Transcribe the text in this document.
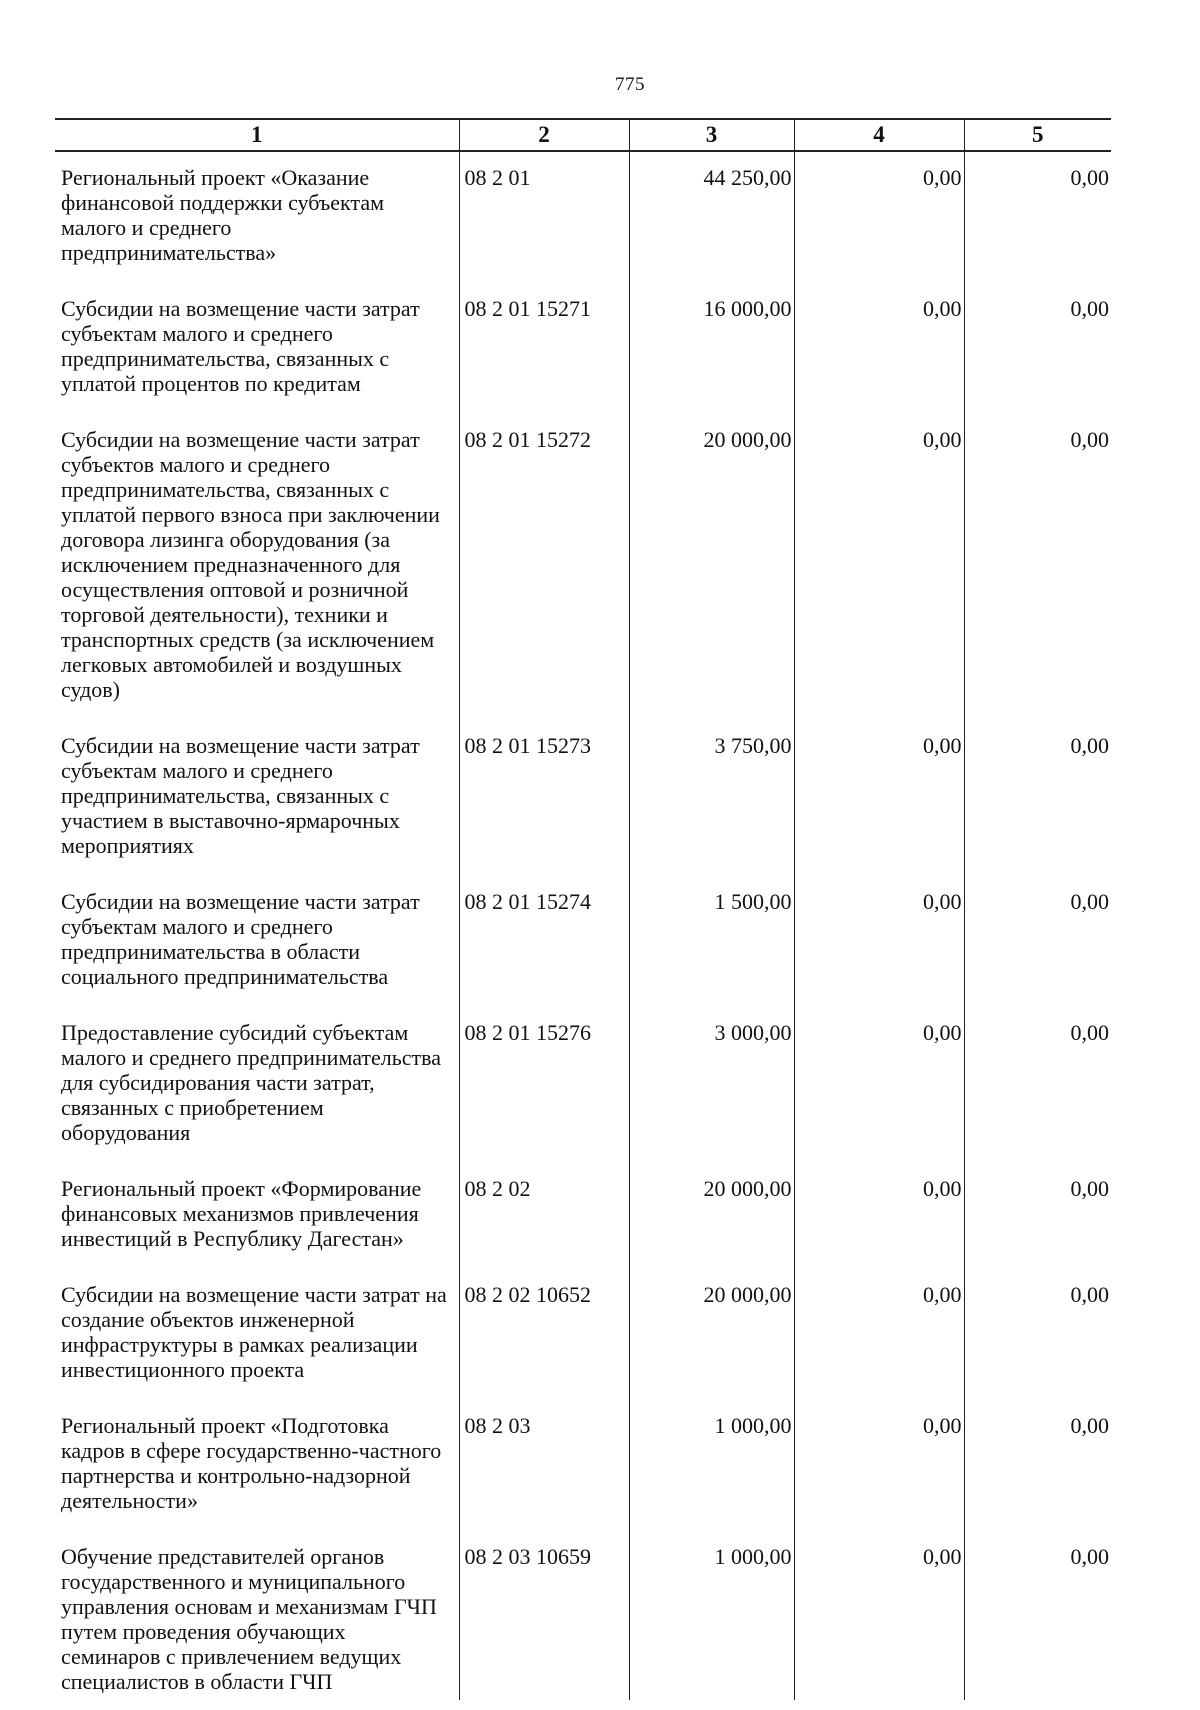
775
1	2	3	4	5
Региональный проект «Оказание финансовой поддержки субъектам малого и среднего предпринимательства»	08 2 01	44 250,00	0,00	0,00
Субсидии на возмещение части затрат субъектам малого и среднего предпринимательства, связанных с уплатой процентов по кредитам	08 2 01 15271	16 000,00	0,00	0,00
Субсидии на возмещение части затрат субъектов малого и среднего предпринимательства, связанных с уплатой первого взноса при заключении договора лизинга оборудования (за исключением предназначенного для осуществления оптовой и розничной торговой деятельности), техники и транспортных средств (за исключением легковых автомобилей и воздушных судов)	08 2 01 15272	20 000,00	0,00	0,00
Субсидии на возмещение части затрат субъектам малого и среднего предпринимательства, связанных с участием в выставочно-ярмарочных мероприятиях	08 2 01 15273	3 750,00	0,00	0,00
Субсидии на возмещение части затрат субъектам малого и среднего предпринимательства в области социального предпринимательства	08 2 01 15274	1 500,00	0,00	0,00
Предоставление субсидий субъектам малого и среднего предпринимательства для субсидирования части затрат, связанных с приобретением оборудования	08 2 01 15276	3 000,00	0,00	0,00
Региональный проект «Формирование финансовых механизмов привлечения инвестиций в Республику Дагестан»	08 2 02	20 000,00	0,00	0,00
Субсидии на возмещение части затрат на создание объектов инженерной инфраструктуры в рамках реализации инвестиционного проекта	08 2 02 10652	20 000,00	0,00	0,00
Региональный проект «Подготовка кадров в сфере государственно-частного партнерства и контрольно-надзорной деятельности»	08 2 03	1 000,00	0,00	0,00
Обучение представителей органов государственного и муниципального управления основам и механизмам ГЧП путем проведения обучающих семинаров с привлечением ведущих специалистов в области ГЧП	08 2 03 10659	1 000,00	0,00	0,00
